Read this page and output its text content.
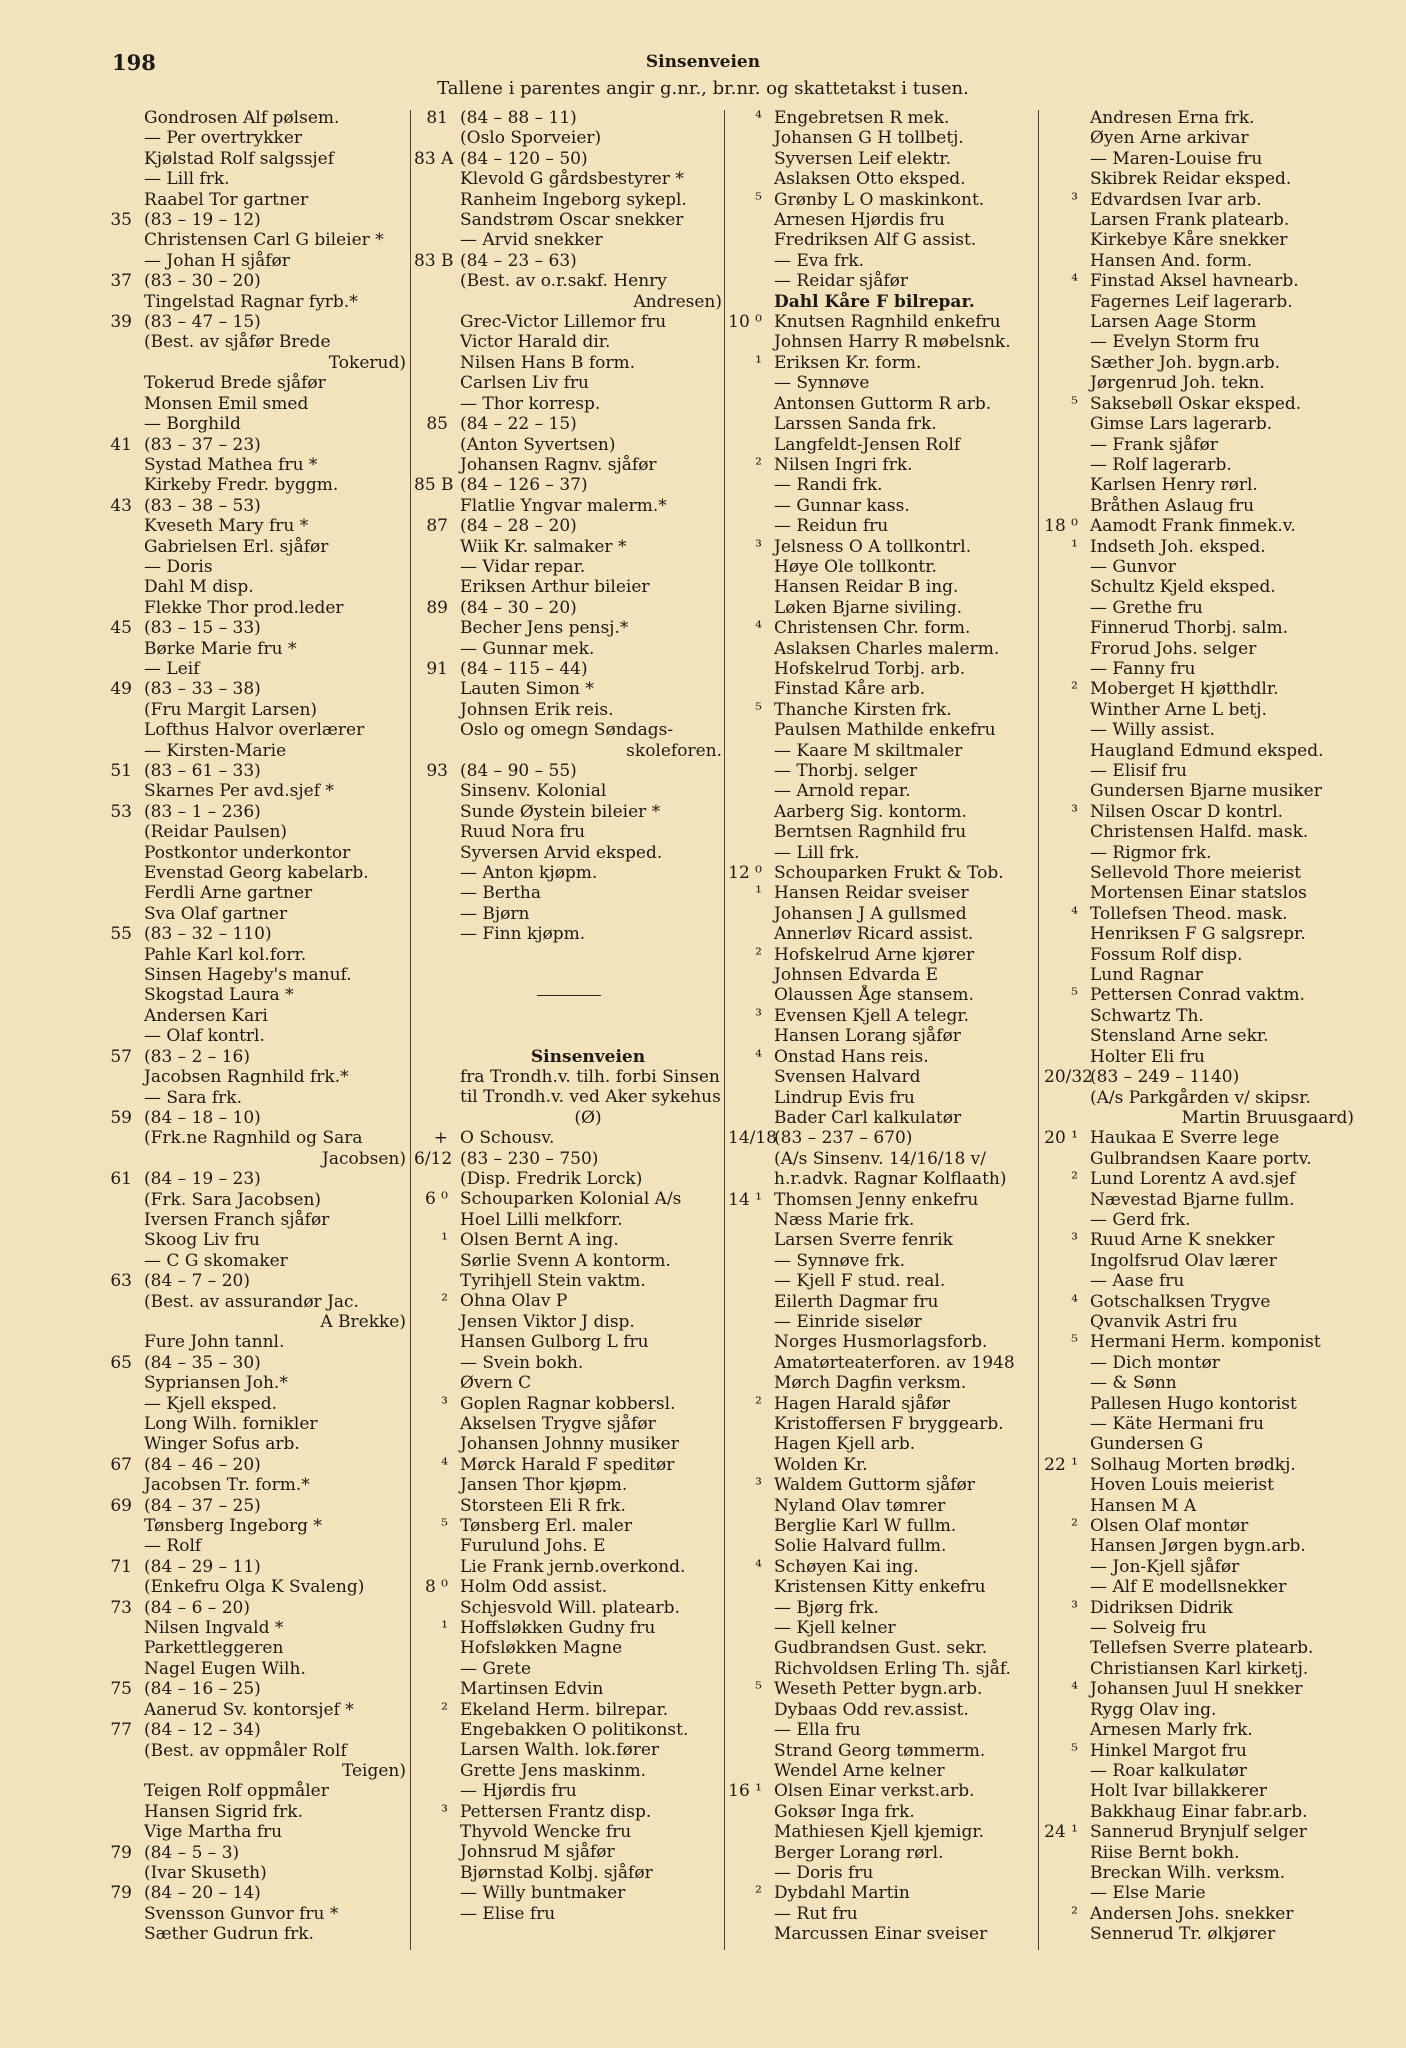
198	Sinsenveien
Tallene i parentes angir g.nr., br.nr. og skattetakst i tusen.
Gondrosen Alf pølsem.
— Per overtrykker
Kjølstad Rolf salgssjef
— Lill frk.
Raabel Tor gartner
35 (83 – 19 – 12)
Christensen Carl G bileier *
— Johan H sjåfør
37 (83 – 30 – 20)
Tingelstad Ragnar fyrb.*
39 (83 – 47 – 15)
(Best. av sjåfør Brede
Tokerud)
Tokerud Brede sjåfør
Monsen Emil smed
— Borghild
41 (83 – 37 – 23)
Systad Mathea fru *
Kirkeby Fredr. byggm.
43 (83 – 38 – 53)
Kveseth Mary fru *
Gabrielsen Erl. sjåfør
— Doris
Dahl M disp.
Flekke Thor prod.leder
45 (83 – 15 – 33)
Børke Marie fru *
— Leif
49 (83 – 33 – 38)
(Fru Margit Larsen)
Lofthus Halvor overlærer
— Kirsten-Marie
51 (83 – 61 – 33)
Skarnes Per avd.sjef *
53 (83 – 1 – 236)
(Reidar Paulsen)
Postkontor underkontor
Evenstad Georg kabelarb.
Ferdli Arne gartner
Sva Olaf gartner
55 (83 – 32 – 110)
Pahle Karl kol.forr.
Sinsen Hageby's manuf.
Skogstad Laura *
Andersen Kari
— Olaf kontrl.
57 (83 – 2 – 16)
Jacobsen Ragnhild frk.*
— Sara frk.
59 (84 – 18 – 10)
(Frk.ne Ragnhild og Sara
Jacobsen)
61 (84 – 19 – 23)
(Frk. Sara Jacobsen)
Iversen Franch sjåfør
Skoog Liv fru
— C G skomaker
63 (84 – 7 – 20)
(Best. av assurandør Jac.
A Brekke)
Fure John tannl.
65 (84 – 35 – 30)
Sypriansen Joh.*
— Kjell eksped.
Long Wilh. fornikler
Winger Sofus arb.
67 (84 – 46 – 20)
Jacobsen Tr. form.*
69 (84 – 37 – 25)
Tønsberg Ingeborg *
— Rolf
71 (84 – 29 – 11)
(Enkefru Olga K Svaleng)
73 (84 – 6 – 20)
Nilsen Ingvald *
Parkettleggeren
Nagel Eugen Wilh.
75 (84 – 16 – 25)
Aanerud Sv. kontorsjef *
77 (84 – 12 – 34)
(Best. av oppmåler Rolf
Teigen)
Teigen Rolf oppmåler
Hansen Sigrid frk.
Vige Martha fru
79 (84 – 5 – 3)
(Ivar Skuseth)
79 (84 – 20 – 14)
Svensson Gunvor fru *
Sæther Gudrun frk.
81 (84 – 88 – 11)
(Oslo Sporveier)
83 A (84 – 120 – 50)
Klevold G gårdsbestyrer *
Ranheim Ingeborg sykepl.
Sandstrøm Oscar snekker
— Arvid snekker
83 B (84 – 23 – 63)
(Best. av o.r.sakf. Henry
Andresen)
Grec-Victor Lillemor fru
Victor Harald dir.
Nilsen Hans B form.
Carlsen Liv fru
— Thor korresp.
85 (84 – 22 – 15)
(Anton Syvertsen)
Johansen Ragnv. sjåfør
85 B (84 – 126 – 37)
Flatlie Yngvar malerm.*
87 (84 – 28 – 20)
Wiik Kr. salmaker *
— Vidar repar.
Eriksen Arthur bileier
89 (84 – 30 – 20)
Becher Jens pensj.*
— Gunnar mek.
91 (84 – 115 – 44)
Lauten Simon *
Johnsen Erik reis.
Oslo og omegn Søndags-
skoleforen.
93 (84 – 90 – 55)
Sinsenv. Kolonial
Sunde Øystein bileier *
Ruud Nora fru
Syversen Arvid eksped.
— Anton kjøpm.
— Bertha
— Bjørn
— Finn kjøpm.
Sinsenveien
fra Trondh.v. tilh. forbi Sinsen
til Trondh.v. ved Aker sykehus
(Ø)
+ O Schousv.
6/12 (83 – 230 – 750)
(Disp. Fredrik Lorck)
6 ⁰ Schouparken Kolonial A/s
Hoel Lilli melkforr.
¹ Olsen Bernt A ing.
Sørlie Svenn A kontorm.
Tyrihjell Stein vaktm.
² Ohna Olav P
Jensen Viktor J disp.
Hansen Gulborg L fru
— Svein bokh.
Øvern C
³ Goplen Ragnar kobbersl.
Akselsen Trygve sjåfør
Johansen Johnny musiker
⁴ Mørck Harald F speditør
Jansen Thor kjøpm.
Storsteen Eli R frk.
⁵ Tønsberg Erl. maler
Furulund Johs. E
Lie Frank jernb.overkond.
8 ⁰ Holm Odd assist.
Schjesvold Will. platearb.
¹ Hoffsløkken Gudny fru
Hofsløkken Magne
— Grete
Martinsen Edvin
² Ekeland Herm. bilrepar.
Engebakken O politikonst.
Larsen Walth. lok.fører
Grette Jens maskinm.
— Hjørdis fru
³ Pettersen Frantz disp.
Thyvold Wencke fru
Johnsrud M sjåfør
Bjørnstad Kolbj. sjåfør
— Willy buntmaker
— Elise fru
⁴ Engebretsen R mek.
Johansen G H tollbetj.
Syversen Leif elektr.
Aslaksen Otto eksped.
⁵ Grønby L O maskinkont.
Arnesen Hjørdis fru
Fredriksen Alf G assist.
— Eva frk.
— Reidar sjåfør
Dahl Kåre F bilrepar.
10 ⁰ Knutsen Ragnhild enkefru
Johnsen Harry R møbelsnk.
¹ Eriksen Kr. form.
— Synnøve
Antonsen Guttorm R arb.
Larssen Sanda frk.
Langfeldt-Jensen Rolf
² Nilsen Ingri frk.
— Randi frk.
— Gunnar kass.
— Reidun fru
³ Jelsness O A tollkontrl.
Høye Ole tollkontr.
Hansen Reidar B ing.
Løken Bjarne siviling.
⁴ Christensen Chr. form.
Aslaksen Charles malerm.
Hofskelrud Torbj. arb.
Finstad Kåre arb.
⁵ Thanche Kirsten frk.
Paulsen Mathilde enkefru
— Kaare M skiltmaler
— Thorbj. selger
— Arnold repar.
Aarberg Sig. kontorm.
Berntsen Ragnhild fru
— Lill frk.
12 ⁰ Schouparken Frukt & Tob.
¹ Hansen Reidar sveiser
Johansen J A gullsmed
Annerløv Ricard assist.
² Hofskelrud Arne kjører
Johnsen Edvarda E
Olaussen Åge stansem.
³ Evensen Kjell A telegr.
Hansen Lorang sjåfør
⁴ Onstad Hans reis.
Svensen Halvard
Lindrup Evis fru
Bader Carl kalkulatør
14/18
(83 – 237 – 670)
(A/s Sinsenv. 14/16/18 v/
h.r.advk. Ragnar Kolflaath)
14 ¹ Thomsen Jenny enkefru
Næss Marie frk.
Larsen Sverre fenrik
— Synnøve frk.
— Kjell F stud. real.
Eilerth Dagmar fru
— Einride siselør
Norges Husmorlagsforb.
Amatørteaterforen. av 1948
Mørch Dagfin verksm.
² Hagen Harald sjåfør
Kristoffersen F bryggearb.
Hagen Kjell arb.
Wolden Kr.
³ Waldem Guttorm sjåfør
Nyland Olav tømrer
Berglie Karl W fullm.
Solie Halvard fullm.
⁴ Schøyen Kai ing.
Kristensen Kitty enkefru
— Bjørg frk.
— Kjell kelner
Gudbrandsen Gust. sekr.
Richvoldsen Erling Th. sjåf.
⁵ Weseth Petter bygn.arb.
Dybaas Odd rev.assist.
— Ella fru
Strand Georg tømmerm.
Wendel Arne kelner
16 ¹ Olsen Einar verkst.arb.
Goksør Inga frk.
Mathiesen Kjell kjemigr.
Berger Lorang rørl.
— Doris fru
² Dybdahl Martin
— Rut fru
Marcussen Einar sveiser
Andresen Erna frk.
Øyen Arne arkivar
— Maren-Louise fru
Skibrek Reidar eksped.
³ Edvardsen Ivar arb.
Larsen Frank platearb.
Kirkebye Kåre snekker
Hansen And. form.
⁴ Finstad Aksel havnearb.
Fagernes Leif lagerarb.
Larsen Aage Storm
— Evelyn Storm fru
Sæther Joh. bygn.arb.
Jørgenrud Joh. tekn.
⁵ Saksebøll Oskar eksped.
Gimse Lars lagerarb.
— Frank sjåfør
— Rolf lagerarb.
Karlsen Henry rørl.
Bråthen Aslaug fru
18 ⁰ Aamodt Frank finmek.v.
¹ Indseth Joh. eksped.
— Gunvor
Schultz Kjeld eksped.
— Grethe fru
Finnerud Thorbj. salm.
Frorud Johs. selger
— Fanny fru
² Moberget H kjøtthdlr.
Winther Arne L betj.
— Willy assist.
Haugland Edmund eksped.
— Elisif fru
Gundersen Bjarne musiker
³ Nilsen Oscar D kontrl.
Christensen Halfd. mask.
— Rigmor frk.
Sellevold Thore meierist
Mortensen Einar statslos
⁴ Tollefsen Theod. mask.
Henriksen F G salgsrepr.
Fossum Rolf disp.
Lund Ragnar
⁵ Pettersen Conrad vaktm.
Schwartz Th.
Stensland Arne sekr.
Holter Eli fru
20/32
(83 – 249 – 1140)
(A/s Parkgården v/ skipsr.
Martin Bruusgaard)
20 ¹ Haukaa E Sverre lege
Gulbrandsen Kaare portv.
² Lund Lorentz A avd.sjef
Nævestad Bjarne fullm.
— Gerd frk.
³ Ruud Arne K snekker
Ingolfsrud Olav lærer
— Aase fru
⁴ Gotschalksen Trygve
Qvanvik Astri fru
⁵ Hermani Herm. komponist
— Dich montør
— & Sønn
Pallesen Hugo kontorist
— Käte Hermani fru
Gundersen G
22 ¹ Solhaug Morten brødkj.
Hoven Louis meierist
Hansen M A
² Olsen Olaf montør
Hansen Jørgen bygn.arb.
— Jon-Kjell sjåfør
— Alf E modellsnekker
³ Didriksen Didrik
— Solveig fru
Tellefsen Sverre platearb.
Christiansen Karl kirketj.
⁴ Johansen Juul H snekker
Rygg Olav ing.
Arnesen Marly frk.
⁵ Hinkel Margot fru
— Roar kalkulatør
Holt Ivar billakkerer
Bakkhaug Einar fabr.arb.
24 ¹ Sannerud Brynjulf selger
Riise Bernt bokh.
Breckan Wilh. verksm.
— Else Marie
² Andersen Johs. snekker
Sennerud Tr. ølkjører
